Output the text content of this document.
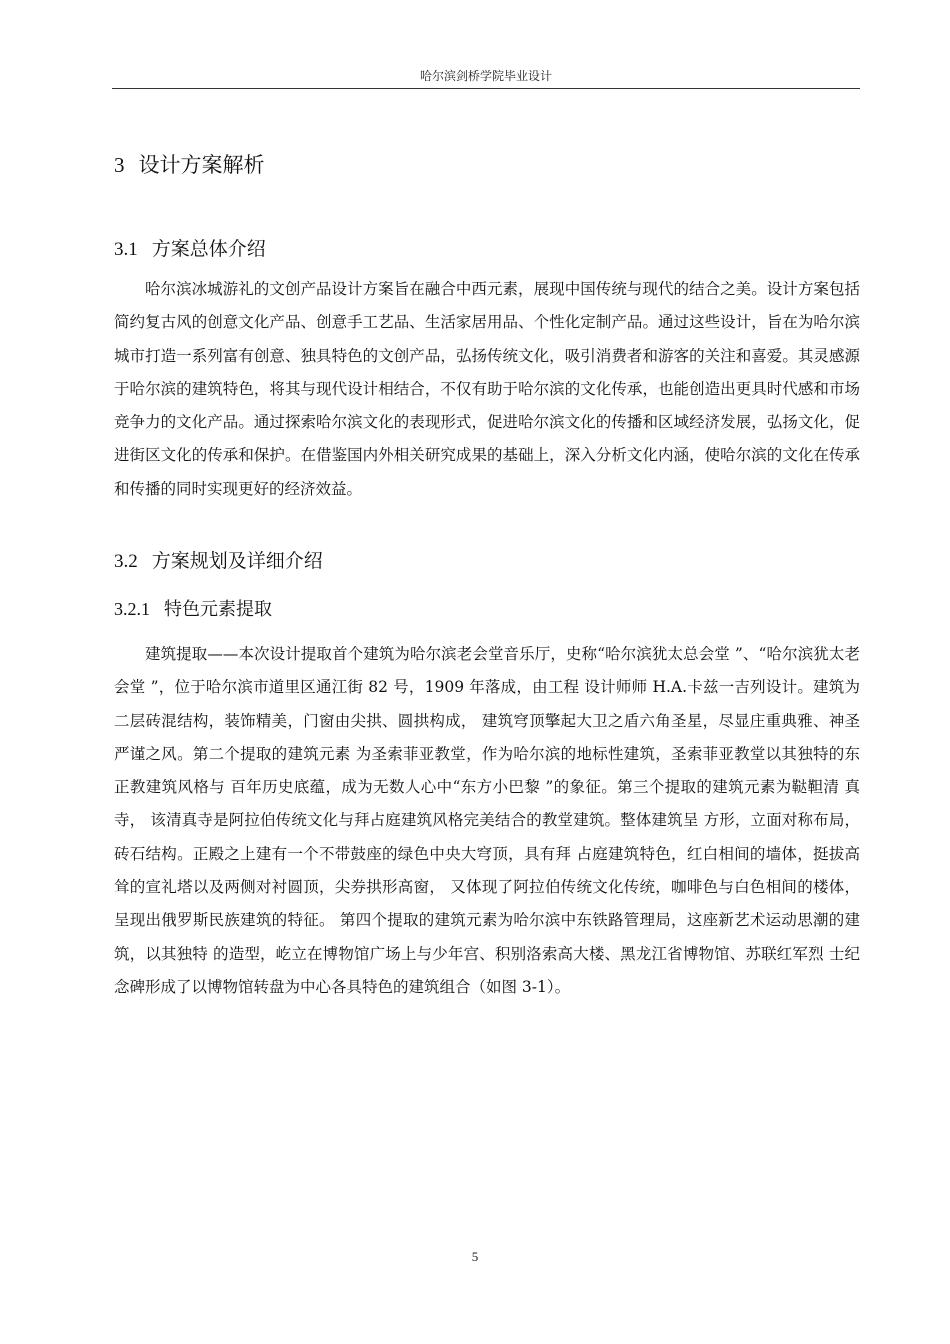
哈尔滨剑桥学院毕业设计
3 设计方案解析
3.1 方案总体介绍

哈尔滨冰城游礼的文创产品设计方案旨在融合中西元素，展现中国传统与现代的结合之美。设计方案包括简约复古风的创意文化产品、创意手工艺品、生活家居用品、个性化定制产品。通过这些设计，旨在为哈尔滨城市打造一系列富有创意、独具特色的文创产品，弘扬传统文化，吸引消费者和游客的关注和喜爱。其灵感源于哈尔滨的建筑特色，将其与现代设计相结合，不仅有助于哈尔滨的文化传承，也能创造出更具时代感和市场竞争力的文化产品。通过探索哈尔滨文化的表现形式，促进哈尔滨文化的传播和区域经济发展，弘扬文化，促进街区文化的传承和保护。在借鉴国内外相关研究成果的基础上，深入分析文化内涵，使哈尔滨的文化在传承和传播的同时实现更好的经济效益。

3.2 方案规划及详细介绍
3.2.1 特色元素提取

建筑提取——本次设计提取首个建筑为哈尔滨老会堂音乐厅，史称“哈尔滨犹太总会堂 ”、“哈尔滨犹太老会堂 ”，位于哈尔滨市道里区通江街 82 号，1909 年落成，由工程 设计师师 H.A.卡兹一吉列设计。建筑为二层砖混结构，装饰精美，门窗由尖拱、圆拱构成， 建筑穹顶擎起大卫之盾六角圣星，尽显庄重典雅、神圣严谨之风。第二个提取的建筑元素 为圣索菲亚教堂，作为哈尔滨的地标性建筑，圣索菲亚教堂以其独特的东正教建筑风格与 百年历史底蕴，成为无数人心中“东方小巴黎 ”的象征。第三个提取的建筑元素为鞑靼清 真寺， 该清真寺是阿拉伯传统文化与拜占庭建筑风格完美结合的教堂建筑。整体建筑呈 方形，立面对称布局，砖石结构。正殿之上建有一个不带鼓座的绿色中央大穹顶，具有拜 占庭建筑特色，红白相间的墙体，挺拔高耸的宣礼塔以及两侧对衬圆顶，尖券拱形高窗， 又体现了阿拉伯传统文化传统，咖啡色与白色相间的楼体，呈现出俄罗斯民族建筑的特征。 第四个提取的建筑元素为哈尔滨中东铁路管理局，这座新艺术运动思潮的建筑，以其独特 的造型，屹立在博物馆广场上与少年宫、积别洛索高大楼、黑龙江省博物馆、苏联红军烈 士纪念碑形成了以博物馆转盘为中心各具特色的建筑组合（如图 3-1）。

5
